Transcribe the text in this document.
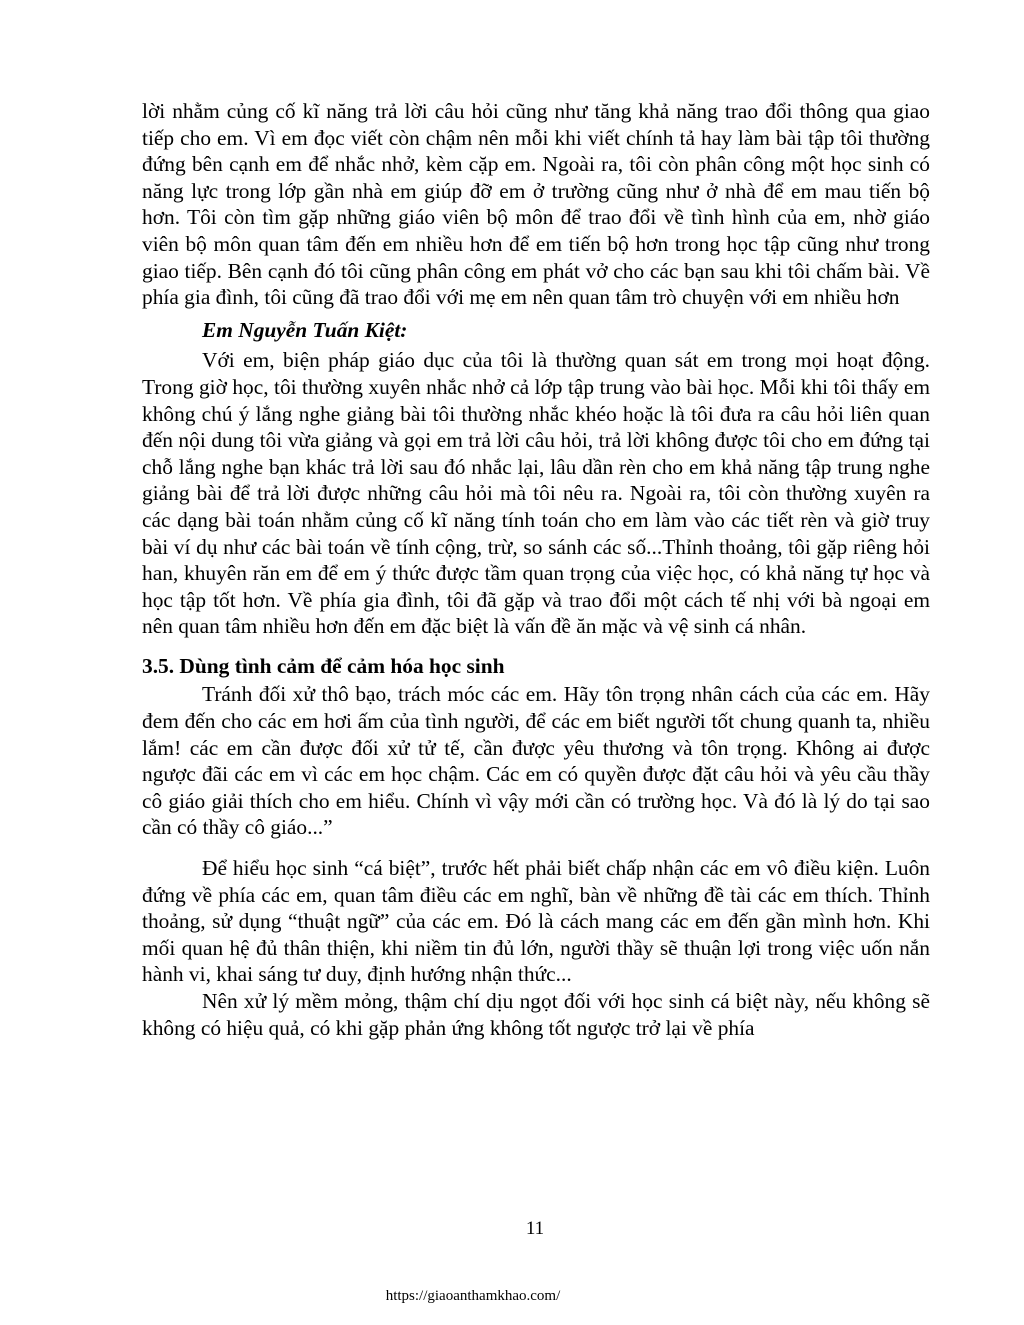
lời nhằm củng cố kĩ năng trả lời câu hỏi cũng như tăng khả năng trao đổi thông qua giao tiếp cho em. Vì em đọc viết còn chậm nên mỗi khi viết chính tả hay làm bài tập tôi thường đứng bên cạnh em để nhắc nhở, kèm cặp em. Ngoài ra, tôi còn phân công một học sinh có năng lực trong lớp gần nhà em giúp đỡ em ở trường cũng như ở nhà để em mau tiến bộ hơn. Tôi còn tìm gặp những giáo viên bộ môn để trao đổi về tình hình của em, nhờ giáo viên bộ môn quan tâm đến em nhiều hơn để em tiến bộ hơn trong học tập cũng như trong giao tiếp. Bên cạnh đó tôi cũng phân công em phát vở cho các bạn sau khi tôi chấm bài. Về phía gia đình, tôi cũng đã trao đổi với mẹ em nên quan tâm trò chuyện với em nhiều hơn

Em Nguyễn Tuấn Kiệt:

Với em, biện pháp giáo dục của tôi là thường quan sát em trong mọi hoạt động. Trong giờ học, tôi thường xuyên nhắc nhở cả lớp tập trung vào bài học. Mỗi khi tôi thấy em không chú ý lắng nghe giảng bài tôi thường nhắc khéo hoặc là tôi đưa ra câu hỏi liên quan đến nội dung tôi vừa giảng và gọi em trả lời câu hỏi, trả lời không được tôi cho em đứng tại chỗ lắng nghe bạn khác trả lời sau đó nhắc lại, lâu dần rèn cho em khả năng tập trung nghe giảng bài để trả lời được những câu hỏi mà tôi nêu ra. Ngoài ra, tôi còn thường xuyên ra các dạng bài toán nhằm củng cố kĩ năng tính toán cho em làm vào các tiết rèn và giờ truy bài ví dụ như các bài toán về tính cộng, trừ, so sánh các số...Thỉnh thoảng, tôi gặp riêng hỏi han, khuyên răn em để em ý thức được tầm quan trọng của việc học, có khả năng tự học và học tập tốt hơn. Về phía gia đình, tôi đã gặp và trao đổi một cách tế nhị với bà ngoại em nên quan tâm nhiều hơn đến em đặc biệt là vấn đề ăn mặc và vệ sinh cá nhân.

3.5. Dùng tình cảm để cảm hóa học sinh

Tránh đối xử thô bạo, trách móc các em. Hãy tôn trọng nhân cách của các em. Hãy đem đến cho các em hơi ấm của tình người, để các em biết người tốt chung quanh ta, nhiều lắm! các em cần được đối xử tử tế, cần được yêu thương và tôn trọng. Không ai được ngược đãi các em vì các em học chậm. Các em có quyền được đặt câu hỏi và yêu cầu thầy cô giáo giải thích cho em hiểu. Chính vì vậy mới cần có trường học. Và đó là lý do tại sao cần có thầy cô giáo...”

Để hiểu học sinh “cá biệt”, trước hết phải biết chấp nhận các em vô điều kiện. Luôn đứng về phía các em, quan tâm điều các em nghĩ, bàn về những đề tài các em thích. Thỉnh thoảng, sử dụng “thuật ngữ” của các em. Đó là cách mang các em đến gần mình hơn. Khi mối quan hệ đủ thân thiện, khi niềm tin đủ lớn, người thầy sẽ thuận lợi trong việc uốn nắn hành vi, khai sáng tư duy, định hướng nhận thức...

Nên xử lý mềm mỏng, thậm chí dịu ngọt đối với học sinh cá biệt này, nếu không sẽ không có hiệu quả, có khi gặp phản ứng không tốt ngược trở lại về phía

11
https://giaoanthamkhao.com/
